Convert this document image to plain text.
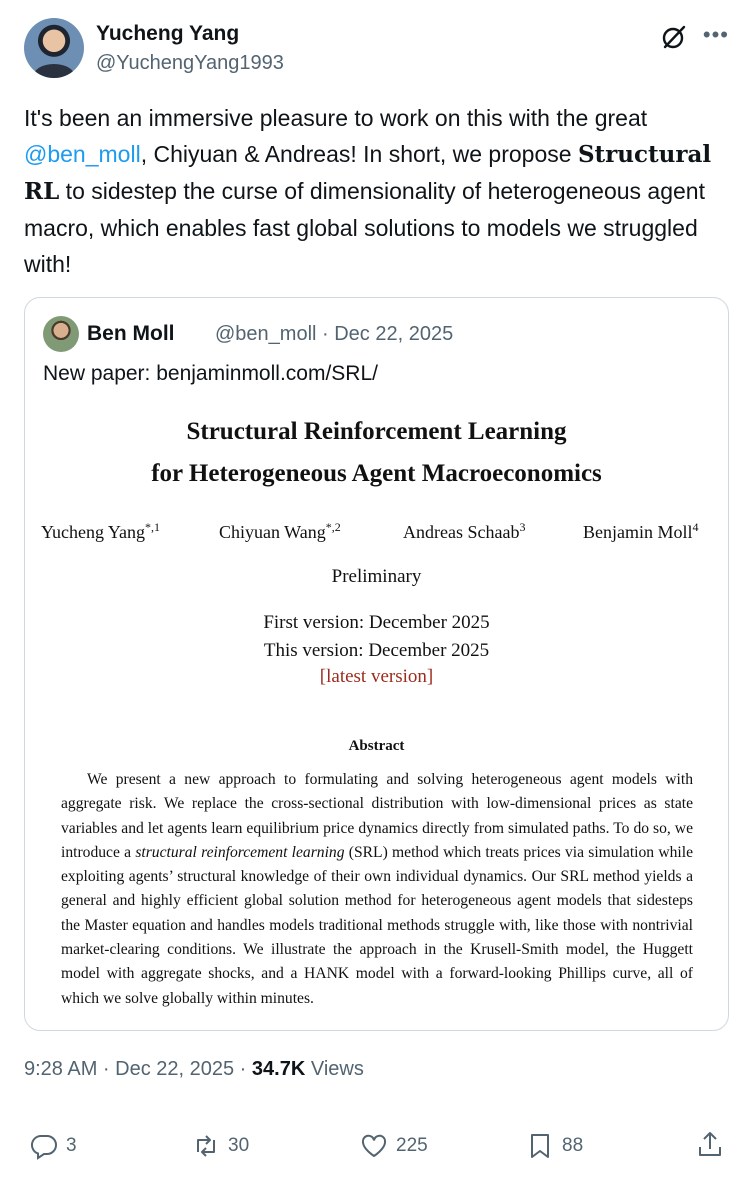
Yucheng Yang
@YuchengYang1993
•••
It's been an immersive pleasure to work on this with the great @ben_moll, Chiyuan & Andreas! In short, we propose Structural RL to sidestep the curse of dimensionality of heterogeneous agent macro, which enables fast global solutions to models we struggled with!
Ben Moll @ben_moll · Dec 22, 2025
New paper: benjaminmoll.com/SRL/
Structural Reinforcement Learning
for Heterogeneous Agent Macroeconomics
Yucheng Yang$^{*,1}$	Chiyuan Wang$^{*,2}$	Andreas Schaab$^3$	Benjamin Moll$^4$
Preliminary
First version: December 2025
This version: December 2025
[latest version]
Abstract
We present a new approach to formulating and solving heterogeneous agent models with aggregate risk. We replace the cross-sectional distribution with low-dimensional prices as state variables and let agents learn equilibrium price dynamics directly from simulated paths. To do so, we introduce a structural reinforcement learning (SRL) method which treats prices via simulation while exploiting agents’ structural knowledge of their own individual dynamics. Our SRL method yields a general and highly efficient global solution method for heterogeneous agent models that sidesteps the Master equation and handles models traditional methods struggle with, like those with nontrivial market-clearing conditions. We illustrate the approach in the Krusell-Smith model, the Huggett model with aggregate shocks, and a HANK model with a forward-looking Phillips curve, all of which we solve globally within minutes.
9:28 AM · Dec 22, 2025 · 34.7K Views
3	30	225	88
